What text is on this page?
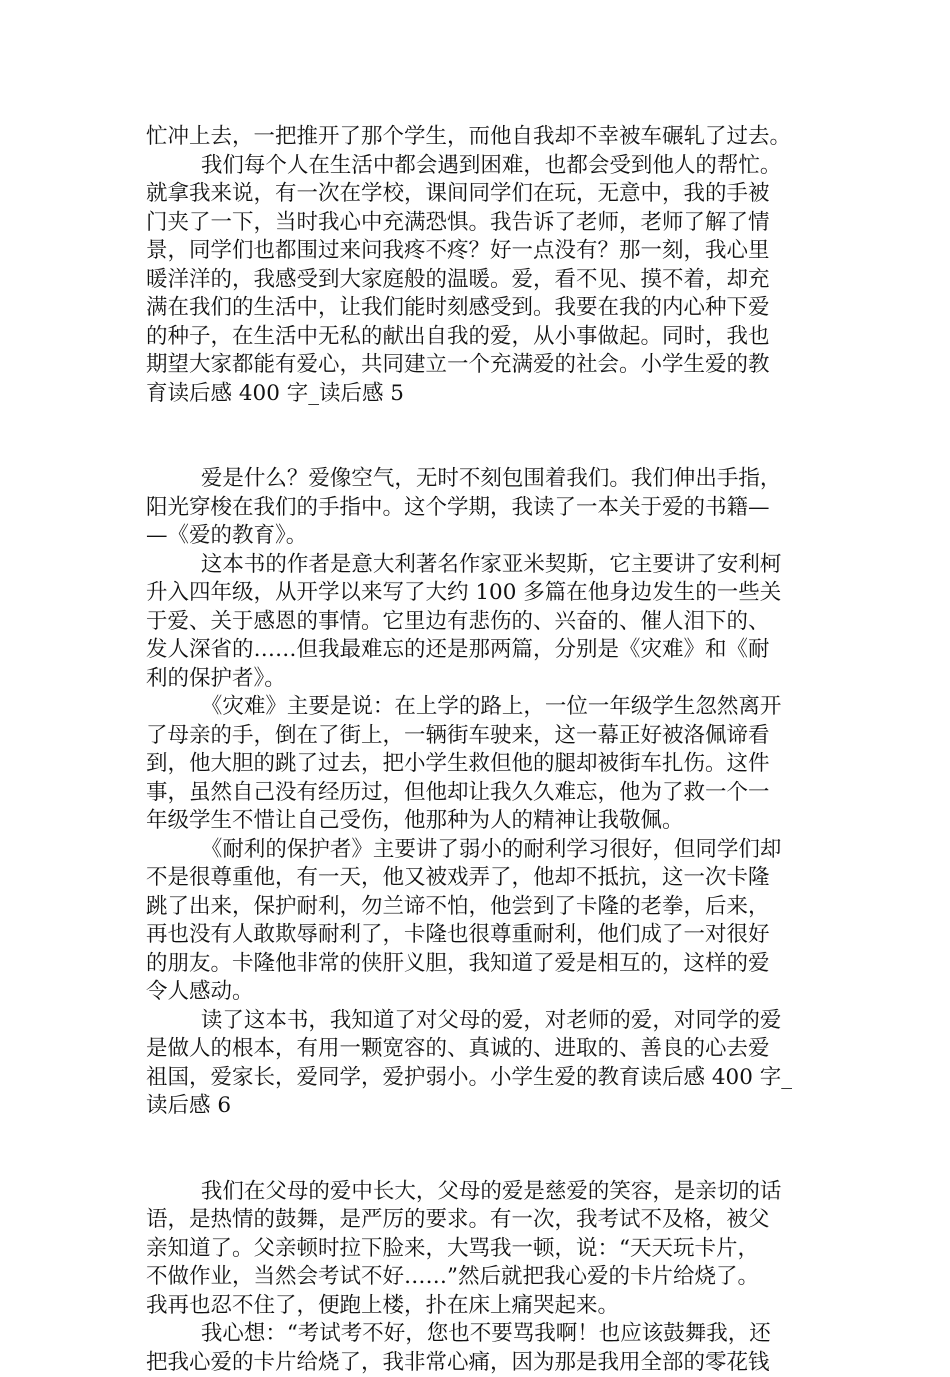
忙冲上去，一把推开了那个学生，而他自我却不幸被车碾轧了过去。

我们每个人在生活中都会遇到困难，也都会受到他人的帮忙。
就拿我来说，有一次在学校，课间同学们在玩，无意中，我的手被
门夹了一下，当时我心中充满恐惧。我告诉了老师，老师了解了情
景，同学们也都围过来问我疼不疼？好一点没有？那一刻，我心里
暖洋洋的，我感受到大家庭般的温暖。爱，看不见、摸不着，却充
满在我们的生活中，让我们能时刻感受到。我要在我的内心种下爱
的种子，在生活中无私的献出自我的爱，从小事做起。同时，我也
期望大家都能有爱心，共同建立一个充满爱的社会。小学生爱的教
育读后感 400 字_读后感 5

爱是什么？爱像空气，无时不刻包围着我们。我们伸出手指，
阳光穿梭在我们的手指中。这个学期，我读了一本关于爱的书籍—
—《爱的教育》。

这本书的作者是意大利著名作家亚米契斯，它主要讲了安利柯
升入四年级，从开学以来写了大约 100 多篇在他身边发生的一些关
于爱、关于感恩的事情。它里边有悲伤的、兴奋的、催人泪下的、
发人深省的……但我最难忘的还是那两篇，分别是《灾难》和《耐
利的保护者》。

《灾难》主要是说：在上学的路上，一位一年级学生忽然离开
了母亲的手，倒在了街上，一辆街车驶来，这一幕正好被洛佩谛看
到，他大胆的跳了过去，把小学生救但他的腿却被街车扎伤。这件
事，虽然自己没有经历过，但他却让我久久难忘，他为了救一个一
年级学生不惜让自己受伤，他那种为人的精神让我敬佩。

《耐利的保护者》主要讲了弱小的耐利学习很好，但同学们却
不是很尊重他，有一天，他又被戏弄了，他却不抵抗，这一次卡隆
跳了出来，保护耐利，勿兰谛不怕，他尝到了卡隆的老拳，后来，
再也没有人敢欺辱耐利了，卡隆也很尊重耐利，他们成了一对很好
的朋友。卡隆他非常的侠肝义胆，我知道了爱是相互的，这样的爱
令人感动。

读了这本书，我知道了对父母的爱，对老师的爱，对同学的爱
是做人的根本，有用一颗宽容的、真诚的、进取的、善良的心去爱
祖国，爱家长，爱同学，爱护弱小。小学生爱的教育读后感 400 字_
读后感 6

我们在父母的爱中长大，父母的爱是慈爱的笑容，是亲切的话
语，是热情的鼓舞，是严厉的要求。有一次，我考试不及格，被父
亲知道了。父亲顿时拉下脸来，大骂我一顿，说：“天天玩卡片，
不做作业，当然会考试不好……”然后就把我心爱的卡片给烧了。
我再也忍不住了，便跑上楼，扑在床上痛哭起来。

我心想：“考试考不好，您也不要骂我啊！也应该鼓舞我，还
把我心爱的卡片给烧了，我非常心痛，因为那是我用全部的零花钱
